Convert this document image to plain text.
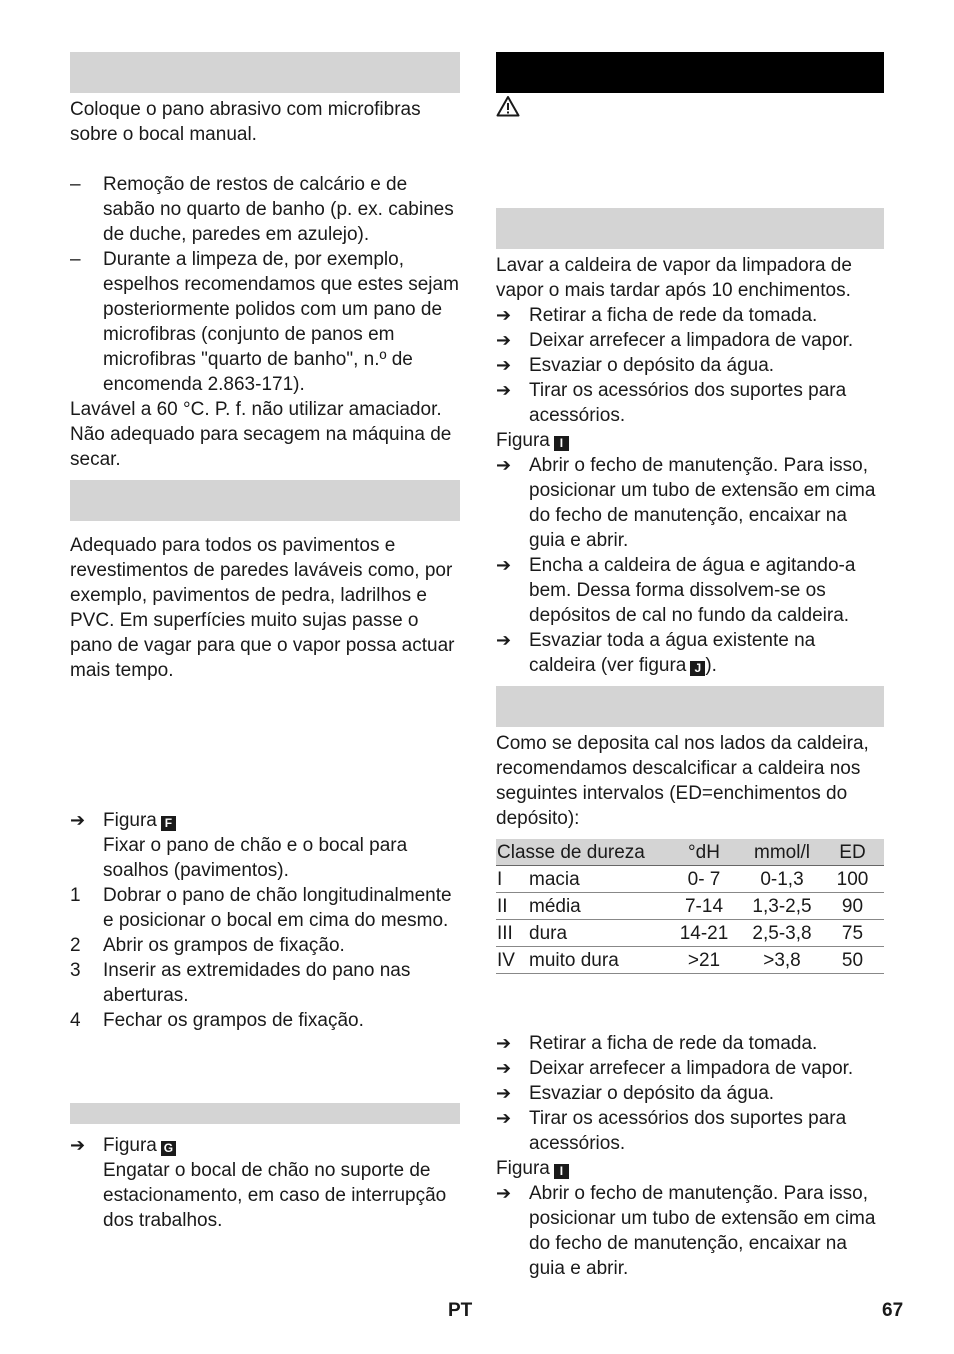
Coloque o pano abrasivo com microfibras sobre o bocal manual.

– Remoção de restos de calcário e de sabão no quarto de banho (p. ex. cabines de duche, paredes em azulejo).
– Durante a limpeza de, por exemplo, espelhos recomendamos que estes sejam posteriormente polidos com um pano de microfibras (conjunto de panos em microfibras "quarto de banho", n.º de encomenda 2.863-171).

Lavável a 60 °C. P. f. não utilizar amaciador. Não adequado para secagem na máquina de secar.

Adequado para todos os pavimentos e revestimentos de paredes laváveis como, por exemplo, pavimentos de pedra, ladrilhos e PVC. Em superfícies muito sujas passe o pano de vagar para que o vapor possa actuar mais tempo.

➔ Figura F
Fixar o pano de chão e o bocal para soalhos (pavimentos).
1 Dobrar o pano de chão longitudinalmente e posicionar o bocal em cima do mesmo.
2 Abrir os grampos de fixação.
3 Inserir as extremidades do pano nas aberturas.
4 Fechar os grampos de fixação.
➔ Figura G
Engatar o bocal de chão no suporte de estacionamento, em caso de interrupção dos trabalhos.

Lavar a caldeira de vapor da limpadora de vapor o mais tardar após 10 enchimentos.

➔ Retirar a ficha de rede da tomada.
➔ Deixar arrefecer a limpadora de vapor.
➔ Esvaziar o depósito da água.
➔ Tirar os acessórios dos suportes para acessórios.

Figura I

➔ Abrir o fecho de manutenção. Para isso, posicionar um tubo de extensão em cima do fecho de manutenção, encaixar na guia e abrir.
➔ Encha a caldeira de água e agitando-a bem. Dessa forma dissolvem-se os depósitos de cal no fundo da caldeira.
➔ Esvaziar toda a água existente na caldeira (ver figura J ).

Como se deposita cal nos lados da caldeira, recomendamos descalcificar a caldeira nos seguintes intervalos (ED=enchimentos do depósito):

Classe de dureza		°dH	mmol/l	ED
I	macia	0- 7	0-1,3	100
II	média	7-14	1,3-2,5	90
III	dura	14-21	2,5-3,8	75
IV	muito dura	>21	>3,8	50
➔ Retirar a ficha de rede da tomada.
➔ Deixar arrefecer a limpadora de vapor.
➔ Esvaziar o depósito da água.
➔ Tirar os acessórios dos suportes para acessórios.

Figura I

➔ Abrir o fecho de manutenção. Para isso, posicionar um tubo de extensão em cima do fecho de manutenção, encaixar na guia e abrir.
PT	67
